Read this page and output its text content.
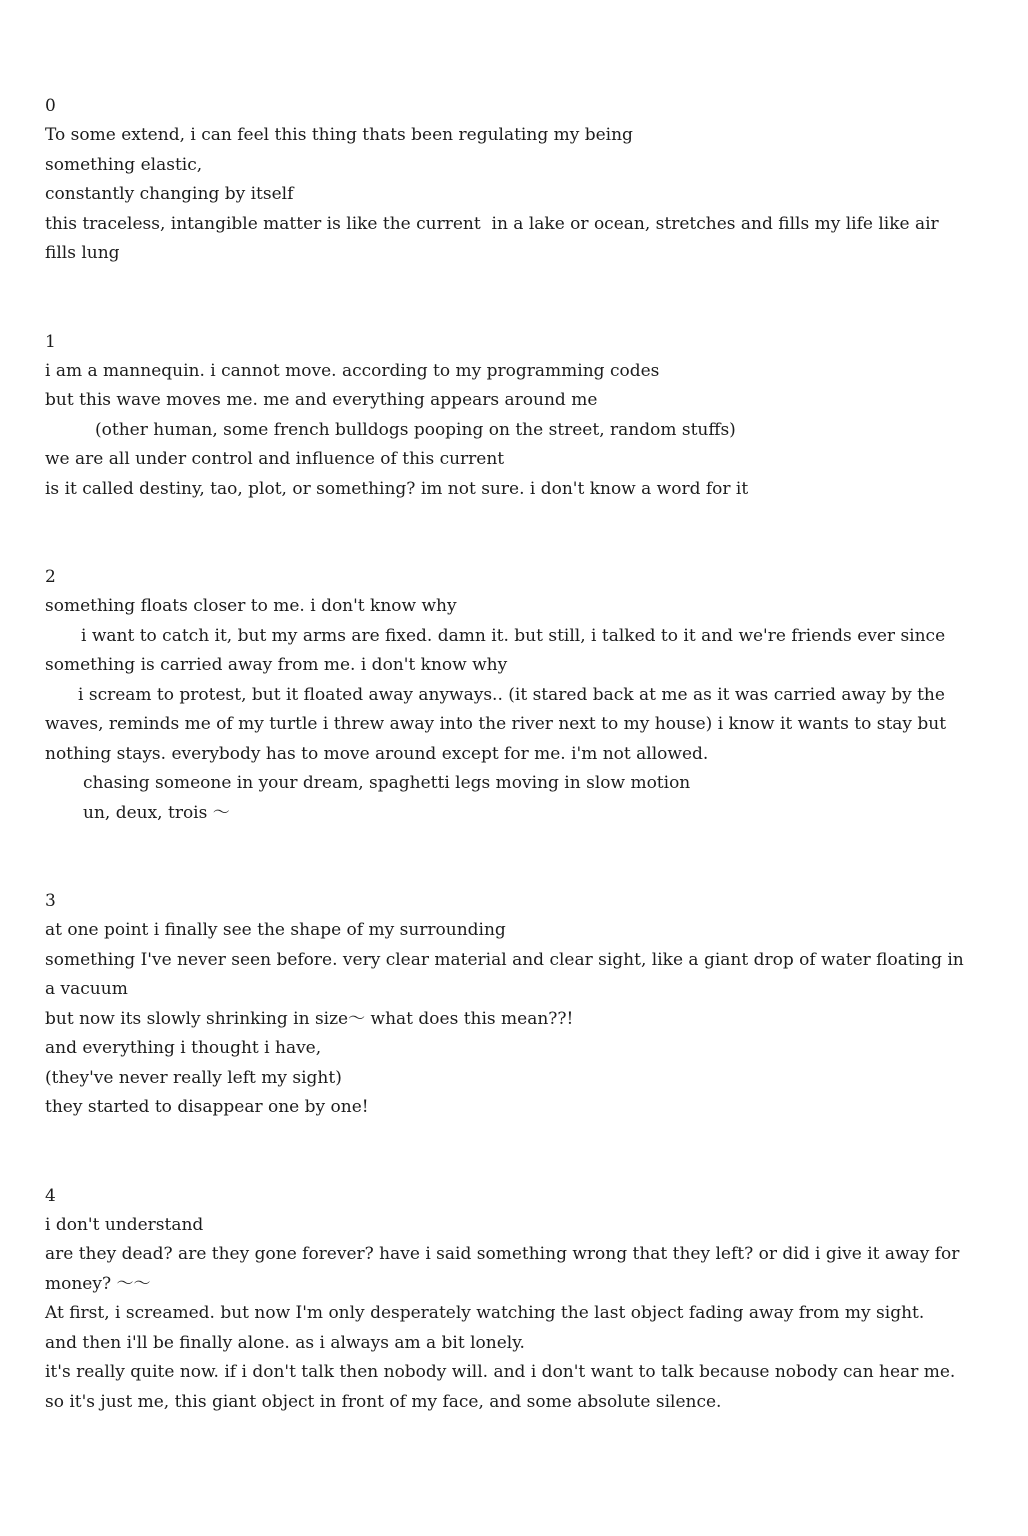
0
To some extend, i can feel this thing thats been regulating my being
something elastic,
constantly changing by itself
this traceless, intangible matter is like the current  in a lake or ocean, stretches and fills my life like air fills lung
1
i am a mannequin. i cannot move. according to my programming codes
but this wave moves me. me and everything appears around me
(other human, some french bulldogs pooping on the street, random stuffs)
we are all under control and influence of this current
is it called destiny, tao, plot, or something? im not sure. i don't know a word for it
2
something floats closer to me. i don't know why
i want to catch it, but my arms are fixed. damn it. but still, i talked to it and we're friends ever since
something is carried away from me. i don't know why
i scream to protest, but it floated away anyways.. (it stared back at me as it was carried away by the waves, reminds me of my turtle i threw away into the river next to my house) i know it wants to stay but nothing stays. everybody has to move around except for me. i'm not allowed.
chasing someone in your dream, spaghetti legs moving in slow motion
un, deux, trois 〜
3
at one point i finally see the shape of my surrounding
something I've never seen before. very clear material and clear sight, like a giant drop of water floating in a vacuum
but now its slowly shrinking in size〜 what does this mean??!
and everything i thought i have,
(they've never really left my sight)
they started to disappear one by one!
4
i don't understand
are they dead? are they gone forever? have i said something wrong that they left? or did i give it away for money? 〜〜
At first, i screamed. but now I'm only desperately watching the last object fading away from my sight.
and then i'll be finally alone. as i always am a bit lonely.
it's really quite now. if i don't talk then nobody will. and i don't want to talk because nobody can hear me. so it's just me, this giant object in front of my face, and some absolute silence.
